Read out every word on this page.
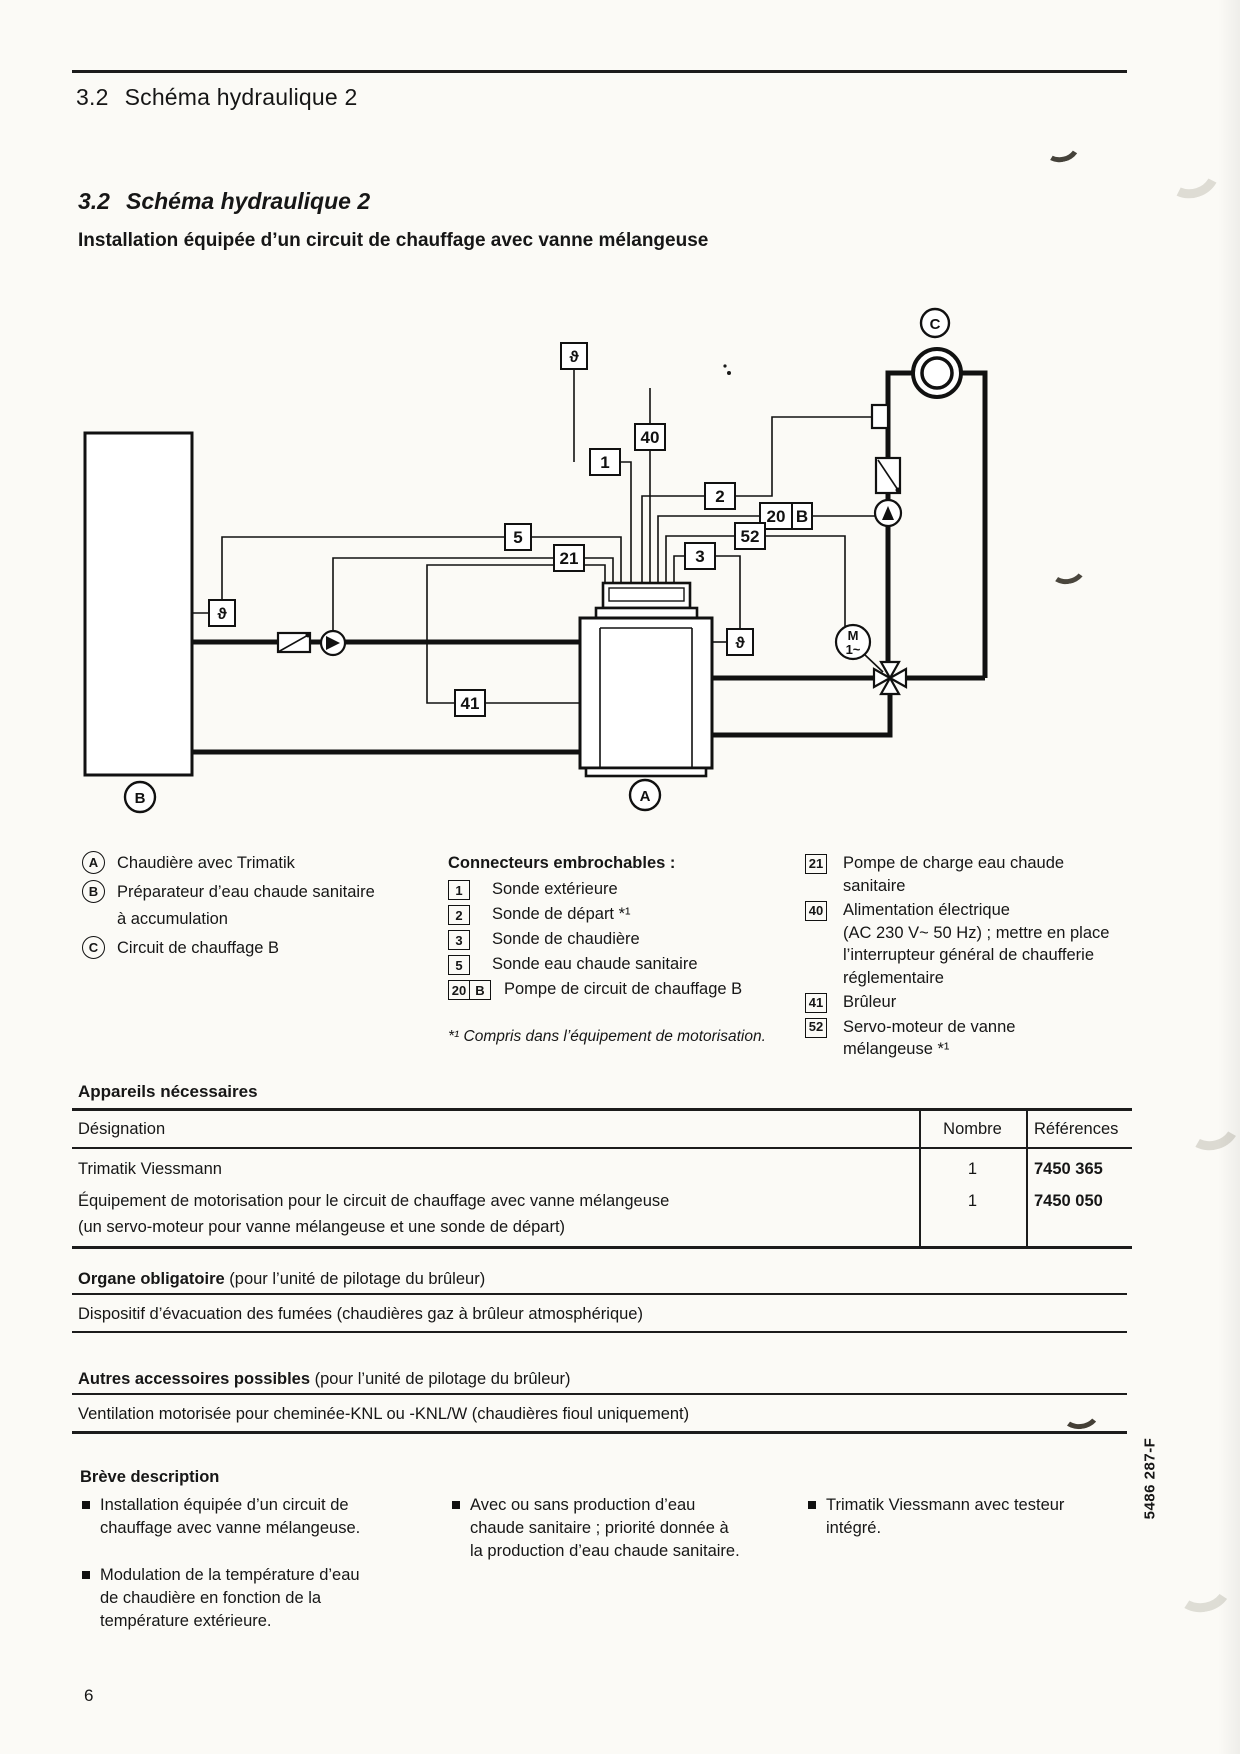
3.2 Schéma hydraulique 2
3.2 Schéma hydraulique 2
Installation équipée d’un circuit de chauffage avec vanne mélangeuse
M
1~
ϑ
ϑ
ϑ
1
40
2
20 B
52
3
5
21
41
C
B	A
A	Chaudière avec Trimatik
B	Préparateur d’eau chaude sanitaire
à accumulation
C	Circuit de chauffage B
Connecteurs embrochables :
1	Sonde extérieure
2	Sonde de départ *¹
3	Sonde de chaudière
5	Sonde eau chaude sanitaire
20 B	Pompe de circuit de chauffage B
*¹ Compris dans l’équipement de motorisation.
21 Pompe de charge eau chaude
sanitaire
40 Alimentation électrique
(AC 230 V~ 50 Hz) ; mettre en place
l’interrupteur général de chaufferie
réglementaire
41 Brûleur
52 Servo-moteur de vanne
mélangeuse *¹
Appareils nécessaires
Désignation	Nombre	Références
Trimatik Viessmann	1	7450 365
Équipement de motorisation pour le circuit de chauffage avec vanne mélangeuse
(un servo-moteur pour vanne mélangeuse et une sonde de départ)
1	7450 050
Organe obligatoire (pour l’unité de pilotage du brûleur)
Dispositif d’évacuation des fumées (chaudières gaz à brûleur atmosphérique)
Autres accessoires possibles (pour l’unité de pilotage du brûleur)
Ventilation motorisée pour cheminée-KNL ou -KNL/W (chaudières fioul uniquement)
Brève description
Installation équipée d’un circuit de
chauffage avec vanne mélangeuse.
Modulation de la température d’eau
de chaudière en fonction de la
température extérieure.
Avec ou sans production d’eau
chaude sanitaire ; priorité donnée à
la production d’eau chaude sanitaire.
Trimatik Viessmann avec testeur
intégré.
5486 287-F
6
